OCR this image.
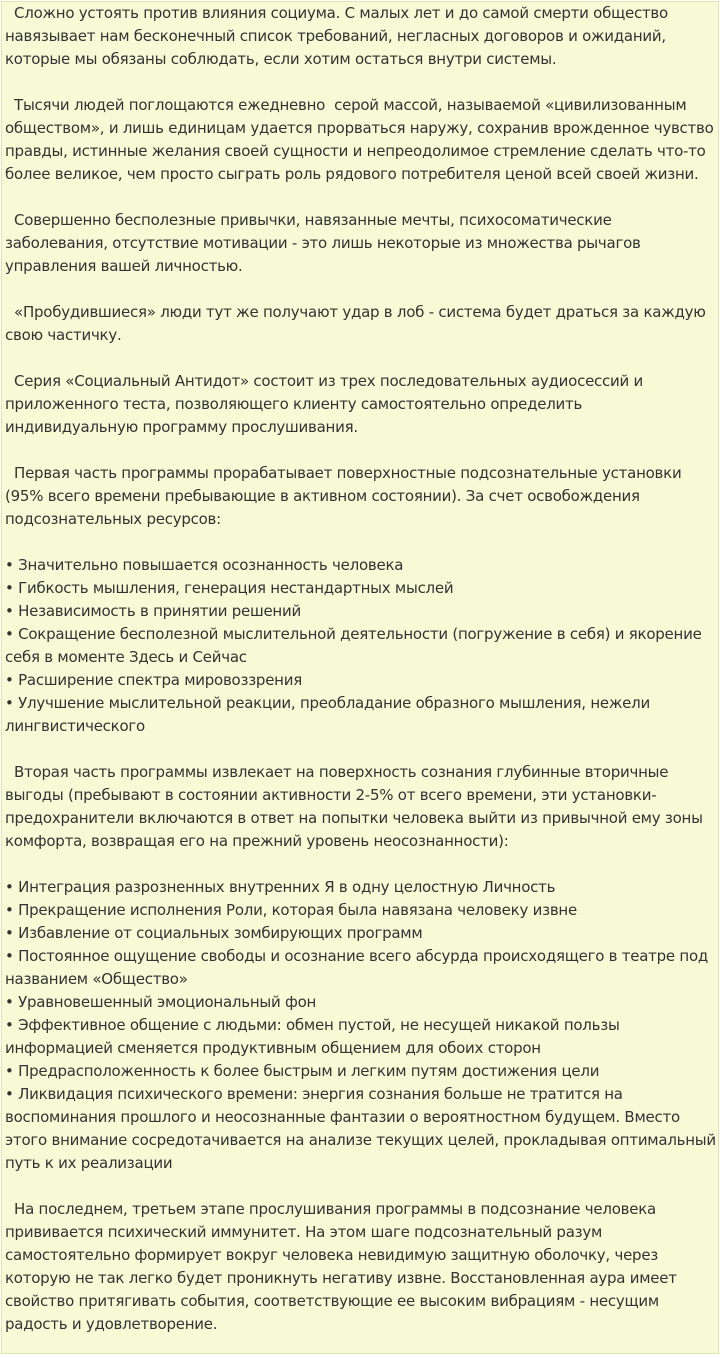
Сложно устоять против влияния социума. С малых лет и до самой смерти общество навязывает нам бесконечный список требований, негласных договоров и ожиданий, которые мы обязаны соблюдать, если хотим остаться внутри системы.

Тысячи людей поглощаются ежедневно  серой массой, называемой «цивилизованным обществом», и лишь единицам удается прорваться наружу, сохранив врожденное чувство правды, истинные желания своей сущности и непреодолимое стремление сделать что-то более великое, чем просто сыграть роль рядового потребителя ценой всей своей жизни.

Совершенно бесполезные привычки, навязанные мечты, психосоматические заболевания, отсутствие мотивации - это лишь некоторые из множества рычагов управления вашей личностью.

«Пробудившиеся» люди тут же получают удар в лоб - система будет драться за каждую свою частичку.

Серия «Социальный Антидот» состоит из трех последовательных аудиосессий и приложенного теста, позволяющего клиенту самостоятельно определить индивидуальную программу прослушивания.

Первая часть программы прорабатывает поверхностные подсознательные установки (95% всего времени пребывающие в активном состоянии). За счет освобождения подсознательных ресурсов:

• Значительно повышается осознанность человека
• Гибкость мышления, генерация нестандартных мыслей
• Независимость в принятии решений
• Сокращение бесполезной мыслительной деятельности (погружение в себя) и якорение себя в моменте Здесь и Сейчас
• Расширение спектра мировоззрения
• Улучшение мыслительной реакции, преобладание образного мышления, нежели лингвистического

Вторая часть программы извлекает на поверхность сознания глубинные вторичные выгоды (пребывают в состоянии активности 2-5% от всего времени, эти установки-предохранители включаются в ответ на попытки человека выйти из привычной ему зоны комфорта, возвращая его на прежний уровень неосознанности):

• Интеграция разрозненных внутренних Я в одну целостную Личность
• Прекращение исполнения Роли, которая была навязана человеку извне
• Избавление от социальных зомбирующих программ
• Постоянное ощущение свободы и осознание всего абсурда происходящего в театре под названием «Общество»
• Уравновешенный эмоциональный фон
• Эффективное общение с людьми: обмен пустой, не несущей никакой пользы информацией сменяется продуктивным общением для обоих сторон
• Предрасположенность к более быстрым и легким путям достижения цели
• Ликвидация психического времени: энергия сознания больше не тратится на воспоминания прошлого и неосознанные фантазии о вероятностном будущем. Вместо этого внимание сосредотачивается на анализе текущих целей, прокладывая оптимальный путь к их реализации

На последнем, третьем этапе прослушивания программы в подсознание человека прививается психический иммунитет. На этом шаге подсознательный разум самостоятельно формирует вокруг человека невидимую защитную оболочку, через которую не так легко будет проникнуть негативу извне. Восстановленная аура имеет свойство притягивать события, соответствующие ее высоким вибрациям - несущим радость и удовлетворение.
